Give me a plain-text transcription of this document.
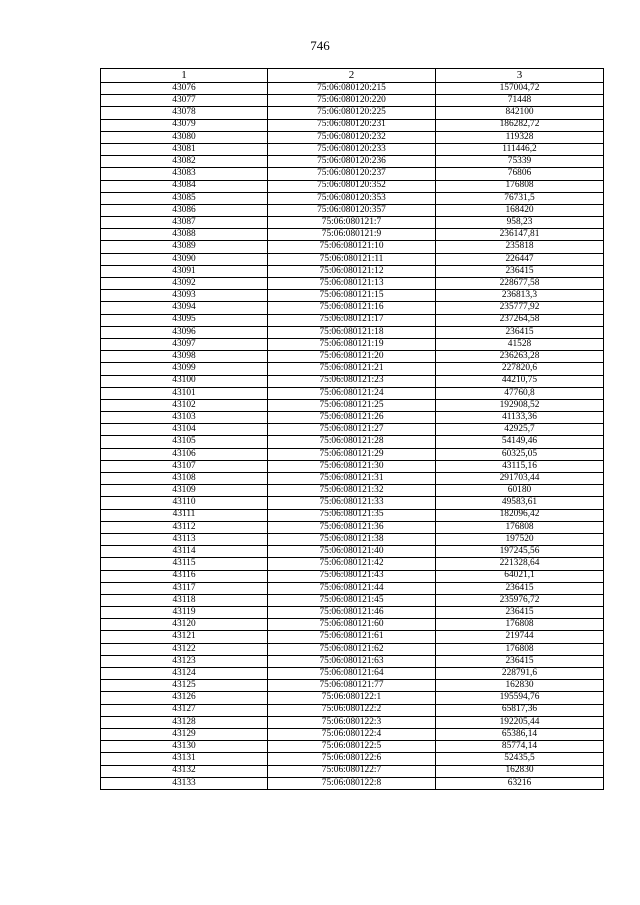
746
1	2	3
43076	75:06:080120:215	157004,72
43077	75:06:080120:220	71448
43078	75:06:080120:225	842100
43079	75:06:080120:231	186282,72
43080	75:06:080120:232	119328
43081	75:06:080120:233	111446,2
43082	75:06:080120:236	75339
43083	75:06:080120:237	76806
43084	75:06:080120:352	176808
43085	75:06:080120:353	76731,5
43086	75:06:080120:357	168420
43087	75:06:080121:7	958,23
43088	75:06:080121:9	236147,81
43089	75:06:080121:10	235818
43090	75:06:080121:11	226447
43091	75:06:080121:12	236415
43092	75:06:080121:13	228677,58
43093	75:06:080121:15	236813,3
43094	75:06:080121:16	235777,92
43095	75:06:080121:17	237264,58
43096	75:06:080121:18	236415
43097	75:06:080121:19	41528
43098	75:06:080121:20	236263,28
43099	75:06:080121:21	227820,6
43100	75:06:080121:23	44210,75
43101	75:06:080121:24	47760,8
43102	75:06:080121:25	192908,52
43103	75:06:080121:26	41133,36
43104	75:06:080121:27	42925,7
43105	75:06:080121:28	54149,46
43106	75:06:080121:29	60325,05
43107	75:06:080121:30	43115,16
43108	75:06:080121:31	291703,44
43109	75:06:080121:32	60180
43110	75:06:080121:33	49583,61
43111	75:06:080121:35	182096,42
43112	75:06:080121:36	176808
43113	75:06:080121:38	197520
43114	75:06:080121:40	197245,56
43115	75:06:080121:42	221328,64
43116	75:06:080121:43	64021,1
43117	75:06:080121:44	236415
43118	75:06:080121:45	235976,72
43119	75:06:080121:46	236415
43120	75:06:080121:60	176808
43121	75:06:080121:61	219744
43122	75:06:080121:62	176808
43123	75:06:080121:63	236415
43124	75:06:080121:64	228791,6
43125	75:06:080121:77	162830
43126	75:06:080122:1	195594,76
43127	75:06:080122:2	65817,36
43128	75:06:080122:3	192205,44
43129	75:06:080122:4	65386,14
43130	75:06:080122:5	85774,14
43131	75:06:080122:6	52435,5
43132	75:06:080122:7	162830
43133	75:06:080122:8	63216
